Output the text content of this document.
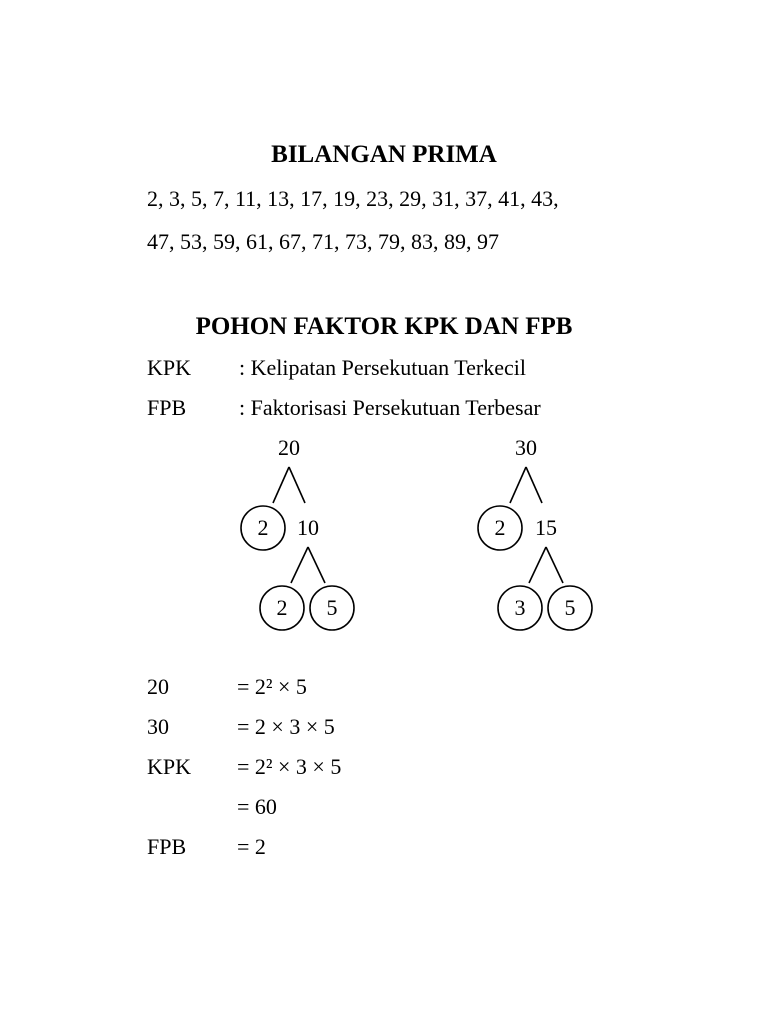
BILANGAN PRIMA
2, 3, 5, 7, 11, 13, 17, 19, 23, 29, 31, 37, 41, 43,
47, 53, 59, 61, 67, 71, 73, 79, 83, 89, 97
POHON FAKTOR KPK DAN FPB
KPK : Kelipatan Persekutuan Terkecil
FPB : Faktorisasi Persekutuan Terbesar
20
2 10
2 5
30
2 15
3 5
20	= 2² × 5
30	= 2 × 3 × 5
KPK = 2² × 3 × 5
= 60
FPB = 2
